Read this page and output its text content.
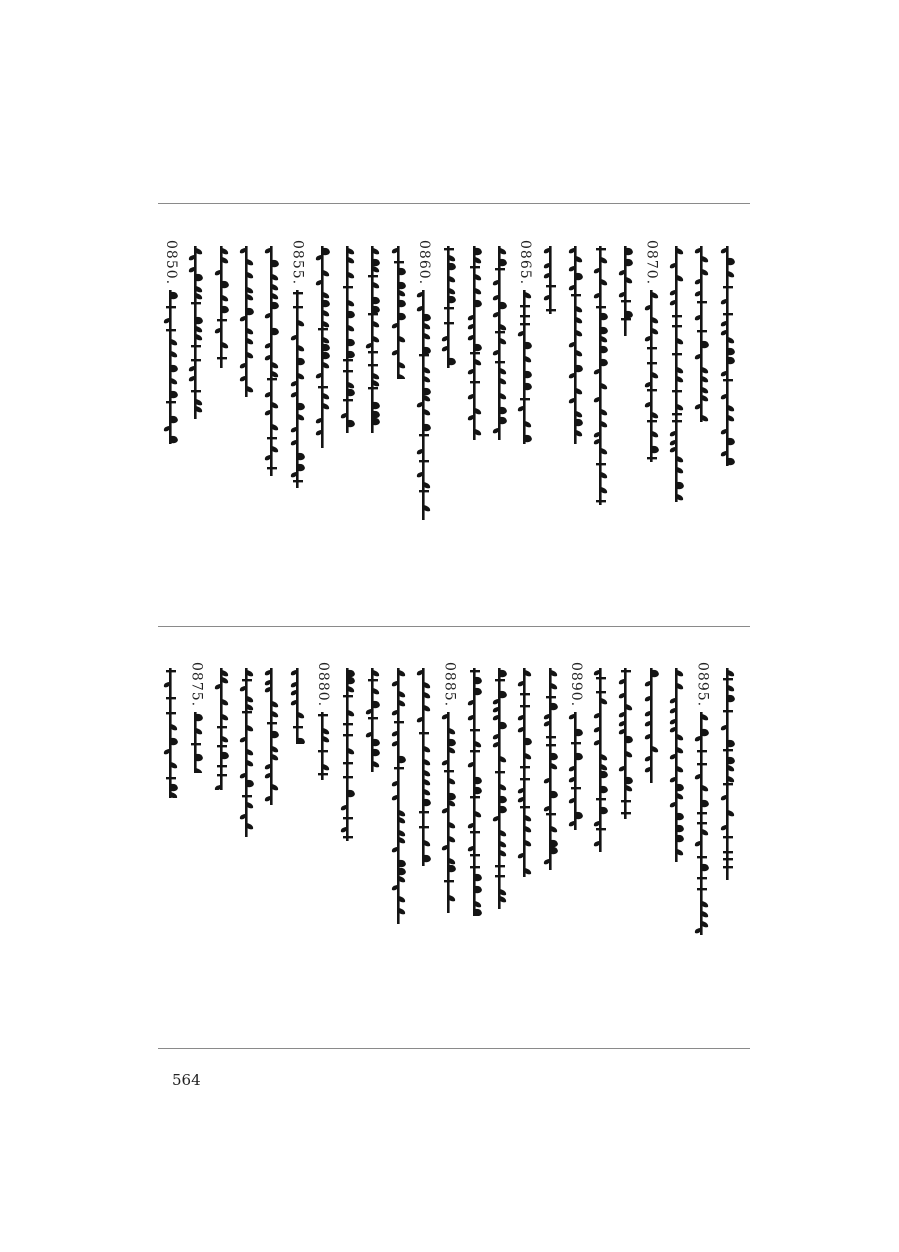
0870.
0865.
0860.
0855.
0850.
0895.
0890.
0885.
0880.
0875.
564
